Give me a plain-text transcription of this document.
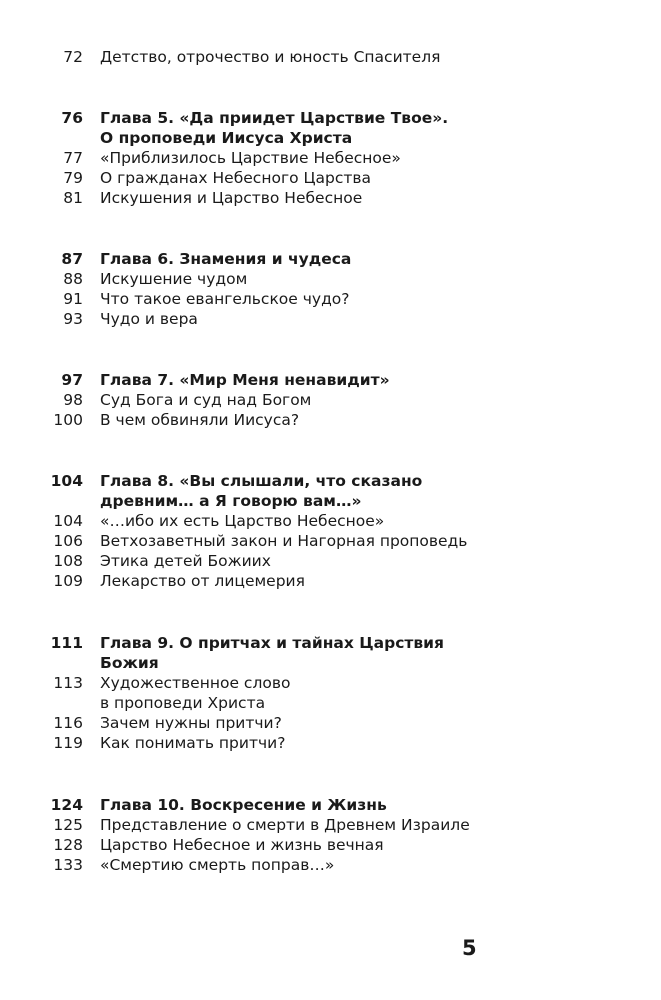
72 Детство, отрочество и юность Спасителя
76 Глава 5. «Да приидет Царствие Твое».
О проповеди Иисуса Христа
77 «Приблизилось Царствие Небесное»
79 О гражданах Небесного Царства
81 Искушения и Царство Небесное
87 Глава 6. Знамения и чудеса
88 Искушение чудом
91 Что такое евангельское чудо?
93 Чудо и вера
97 Глава 7. «Мир Меня ненавидит»
98 Суд Бога и суд над Богом
100 В чем обвиняли Иисуса?
104 Глава 8. «Вы слышали, что сказано
древним… а Я говорю вам…»
104 «…ибо их есть Царство Небесное»
106 Ветхозаветный закон и Нагорная проповедь
108 Этика детей Божиих
109 Лекарство от лицемерия
111 Глава 9. О притчах и тайнах Царствия
Божия
113 Художественное слово
в проповеди Христа
116 Зачем нужны притчи?
119 Как понимать притчи?
124 Глава 10. Воскресение и Жизнь
125 Представление о смерти в Древнем Израиле
128 Царство Небесное и жизнь вечная
133 «Смертию смерть поправ…»
5
